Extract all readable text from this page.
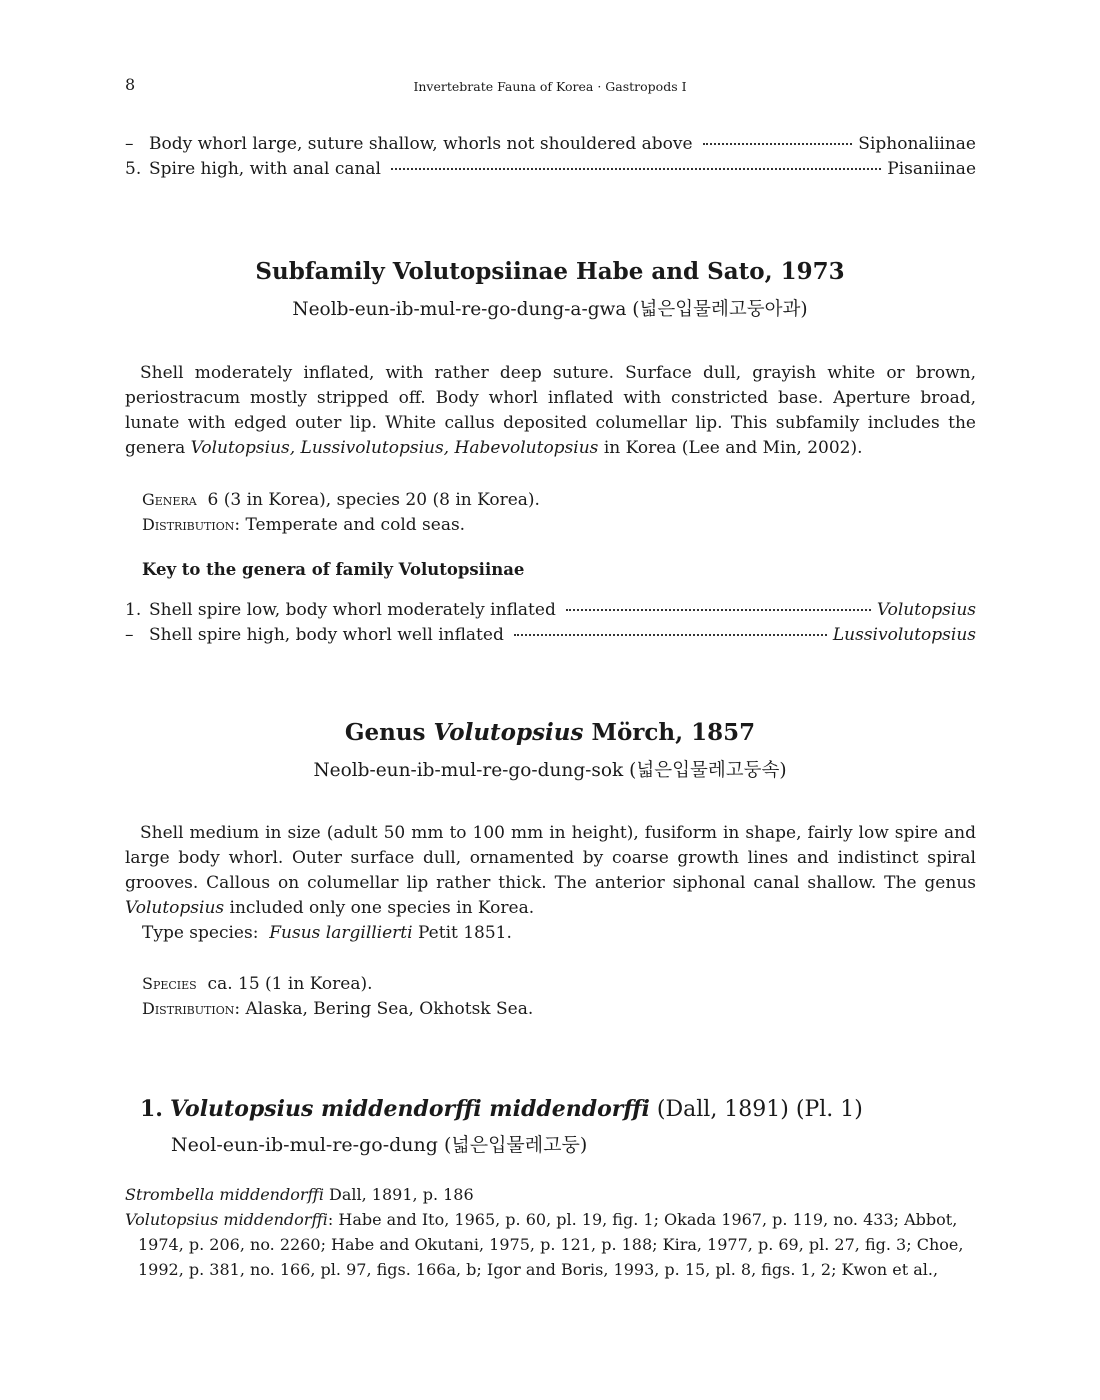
8	Invertebrate Fauna of Korea · Gastropods I
– Body whorl large, suture shallow, whorls not shouldered above	Siphonaliinae
5. Spire high, with anal canal	Pisaniinae
Subfamily Volutopsiinae Habe and Sato, 1973
Neolb-eun-ib-mul-re-go-dung-a-gwa (넓은입물레고둥아과)
Shell moderately inflated, with rather deep suture. Surface dull, grayish white or brown, periostracum mostly stripped off. Body whorl inflated with constricted base. Aperture broad, lunate with edged outer lip. White callus deposited columellar lip. This subfamily includes the genera Volutopsius, Lussivolutopsius, Habevolutopsius in Korea (Lee and Min, 2002).
Genera 6 (3 in Korea), species 20 (8 in Korea).
Distribution: Temperate and cold seas.
Key to the genera of family Volutopsiinae
1. Shell spire low, body whorl moderately inflated	Volutopsius
– Shell spire high, body whorl well inflated	Lussivolutopsius
Genus Volutopsius Mörch, 1857
Neolb-eun-ib-mul-re-go-dung-sok (넓은입물레고둥속)
Shell medium in size (adult 50 mm to 100 mm in height), fusiform in shape, fairly low spire and large body whorl. Outer surface dull, ornamented by coarse growth lines and indistinct spiral grooves. Callous on columellar lip rather thick. The anterior siphonal canal shallow. The genus Volutopsius included only one species in Korea.
Type species: Fusus largillierti Petit 1851.
Species ca. 15 (1 in Korea).
Distribution: Alaska, Bering Sea, Okhotsk Sea.
1. Volutopsius middendorffi middendorffi (Dall, 1891) (Pl. 1)
Neol-eun-ib-mul-re-go-dung (넓은입물레고둥)
Strombella middendorffi Dall, 1891, p. 186
Volutopsius middendorffi: Habe and Ito, 1965, p. 60, pl. 19, fig. 1; Okada 1967, p. 119, no. 433; Abbot,
1974, p. 206, no. 2260; Habe and Okutani, 1975, p. 121, p. 188; Kira, 1977, p. 69, pl. 27, fig. 3; Choe,
1992, p. 381, no. 166, pl. 97, figs. 166a, b; Igor and Boris, 1993, p. 15, pl. 8, figs. 1, 2; Kwon et al.,
